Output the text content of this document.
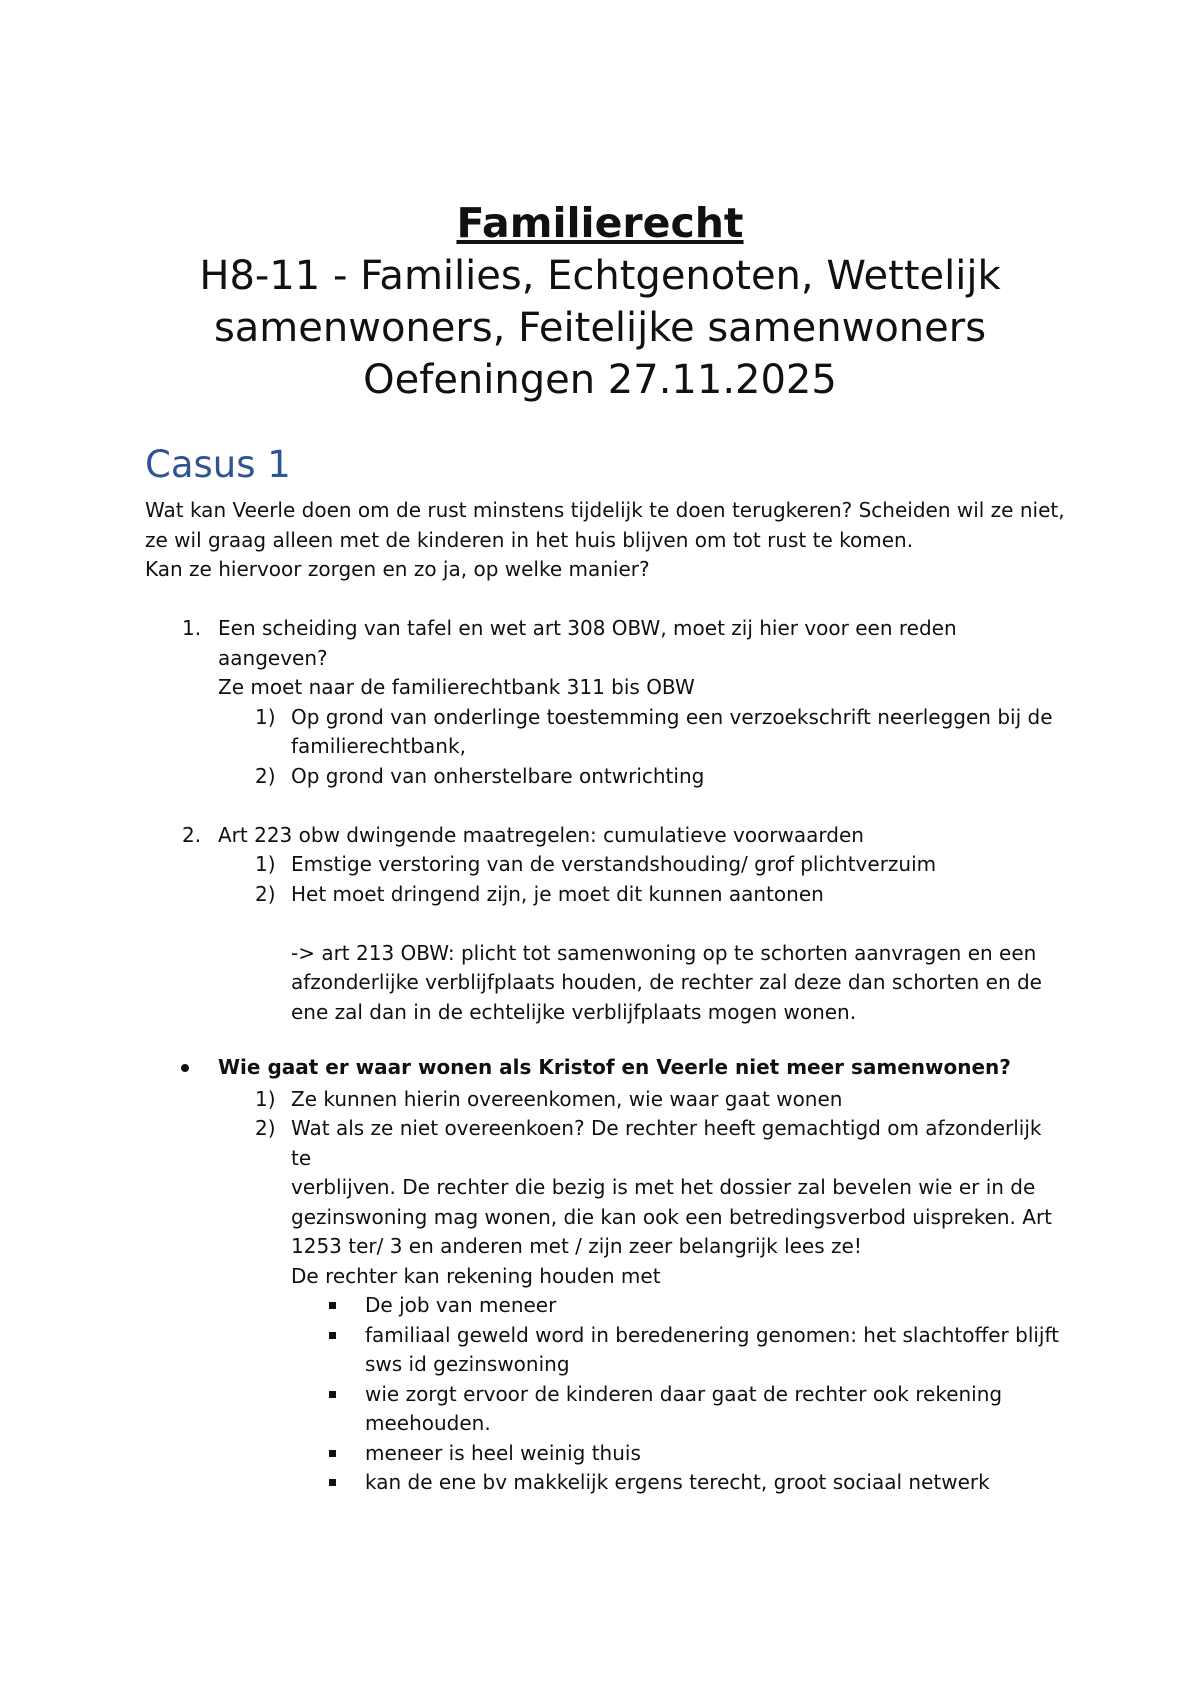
Familierecht
H8-11 - Families, Echtgenoten, Wettelijk
samenwoners, Feitelijke samenwoners
Oefeningen 27.11.2025
Casus 1

Wat kan Veerle doen om de rust minstens tijdelijk te doen terugkeren? Scheiden wil ze niet,

ze wil graag alleen met de kinderen in het huis blijven om tot rust te komen.

Kan ze hiervoor zorgen en zo ja, op welke manier?

1. Een scheiding van tafel en wet art 308 OBW, moet zij hier voor een reden aangeven?

Ze moet naar de familierechtbank 311 bis OBW

1) Op grond van onderlinge toestemming een verzoekschrift neerleggen bij de

familierechtbank,

2) Op grond van onherstelbare ontwrichting

2. Art 223 obw dwingende maatregelen: cumulatieve voorwaarden

1) Emstige verstoring van de verstandshouding/ grof plichtverzuim

2) Het moet dringend zijn, je moet dit kunnen aantonen

-> art 213 OBW: plicht tot samenwoning op te schorten aanvragen en een

afzonderlijke verblijfplaats houden, de rechter zal deze dan schorten en de

ene zal dan in de echtelijke verblijfplaats mogen wonen.

Wie gaat er waar wonen als Kristof en Veerle niet meer samenwonen?

1) Ze kunnen hierin overeenkomen, wie waar gaat wonen

2) Wat als ze niet overeenkoen? De rechter heeft gemachtigd om afzonderlijk te

verblijven. De rechter die bezig is met het dossier zal bevelen wie er in de

gezinswoning mag wonen, die kan ook een betredingsverbod uispreken. Art

1253 ter/ 3 en anderen met / zijn zeer belangrijk lees ze!

De rechter kan rekening houden met

De job van meneer

familiaal geweld word in beredenering genomen: het slachtoffer blijft

sws id gezinswoning

wie zorgt ervoor de kinderen daar gaat de rechter ook rekening

meehouden.

meneer is heel weinig thuis

kan de ene bv makkelijk ergens terecht, groot sociaal netwerk
